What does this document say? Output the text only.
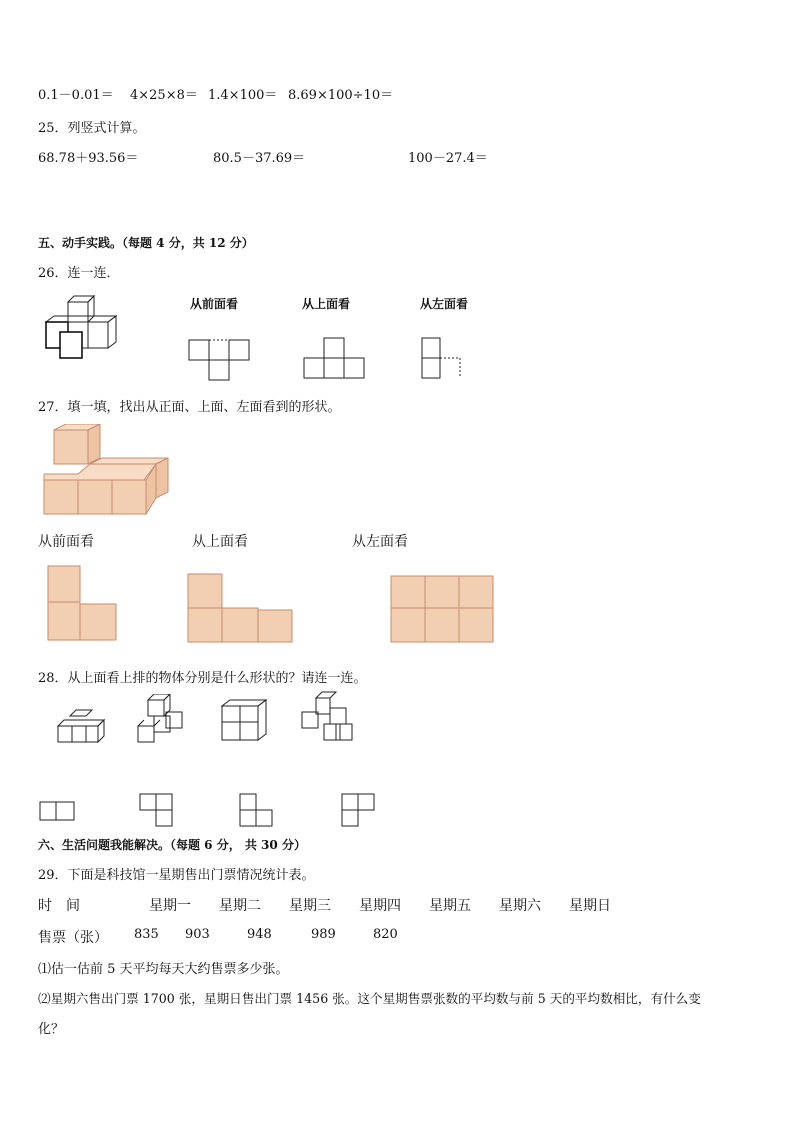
0.1－0.01＝ 4×25×8＝ 1.4×100＝ 8.69×100÷10＝
25．列竖式计算。
68.78＋93.56＝	80.5－37.69＝	100－27.4＝
五、动手实践。（每题 4 分，共 12 分）
26．连一连．
从前面看	从上面看	从左面看
27．填一填，找出从正面、上面、左面看到的形状。
从前面看	从上面看	从左面看
28．从上面看上排的物体分别是什么形状的？请连一连。
六、生活问题我能解决。（每题 6 分， 共 30 分）
29．下面是科技馆一星期售出门票情况统计表。
时　间	星期一 星期二 星期三 星期四 星期五 星期六 星期日
售票（张） 835 903	948	989	820
⑴估一估前 5 天平均每天大约售票多少张。
⑵星期六售出门票 1700 张，星期日售出门票 1456 张。这个星期售票张数的平均数与前 5 天的平均数相比，有什么变
化？
